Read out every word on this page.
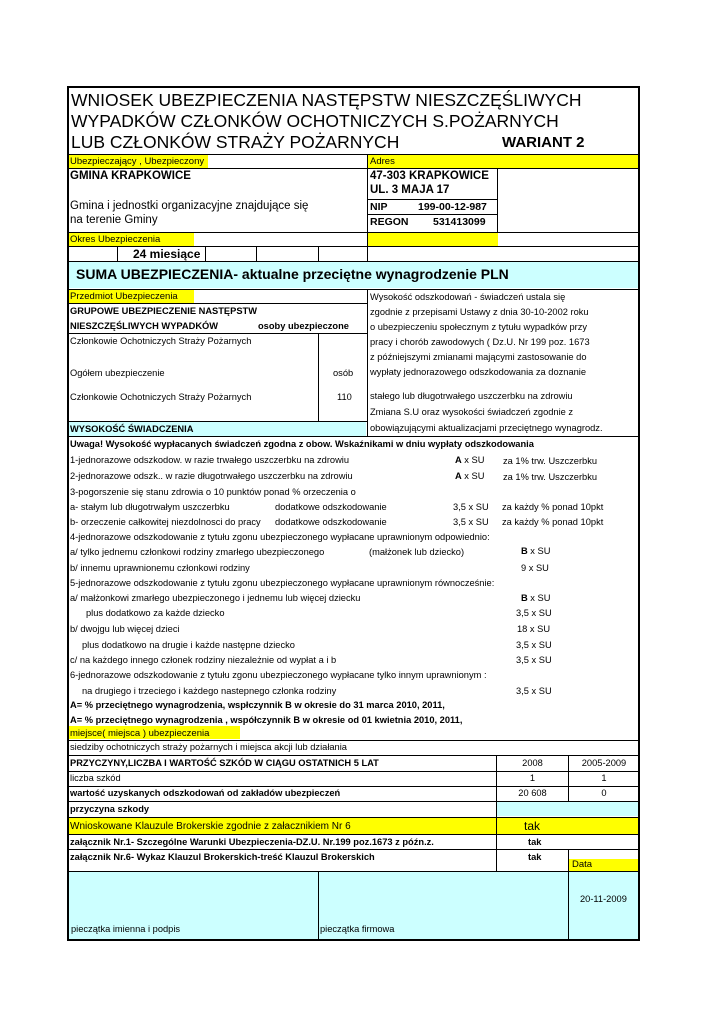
WNIOSEK UBEZPIECZENIA NASTĘPSTW NIESZCZĘŚLIWYCH
WYPADKÓW CZŁONKÓW OCHOTNICZYCH S.POŻARNYCH
LUB CZŁONKÓW STRAŻY POŻARNYCH	WARIANT 2
Ubezpieczający , Ubezpieczony	Adres
GMINA KRAPKOWICE
Gmina i jednostki organizacyjne znajdujące się
na terenie Gminy
47-303 KRAPKOWICE
UL. 3 MAJA 17
NIP	199-00-12-987
REGON 531413099
Okres Ubezpieczenia
24 miesiące
SUMA UBEZPIECZENIA- aktualne przeciętne wynagrodzenie PLN
Przedmiot Ubezpieczenia
GRUPOWE UBEZPIECZENIE NASTĘPSTW
NIESZCZĘŚLIWYCH WYPADKÓW	osoby ubezpieczone
Członkowie Ochotniczych Straży Pożarnych
Ogółem ubezpieczenie	osób
Członkowie Ochotniczych Straży Pożarnych	110
WYSOKOŚĆ ŚWIADCZENIA
Wysokość odszkodowań - świadczeń ustala się
zgodnie z przepisami Ustawy z dnia 30-10-2002 roku
o ubezpieczeniu społecznym z tytułu wypadków przy
pracy i chorób zawodowych ( Dz.U. Nr 199 poz. 1673
z późniejszymi zmianami mającymi zastosowanie do
wypłaty jednorazowego odszkodowania za doznanie
stałego lub długotrwałego uszczerbku na zdrowiu
Zmiana S.U oraz wysokości świadczeń zgodnie z
obowiązującymi aktualizacjami przeciętnego wynagrodz.
Uwaga! Wysokość wypłacanych świadczeń zgodna z obow. Wskaźnikami w dniu wypłaty odszkodowania
1-jednorazowe odszkodow. w razie trwałego uszczerbku na zdrowiu	A x SU za 1% trw. Uszczerbku
2-jednorazowe odszk.. w razie długotrwałego uszczerbku na zdrowiu	A x SU za 1% trw. Uszczerbku
3-pogorszenie się stanu zdrowia o 10 punktów ponad % orzeczenia o
a- stałym lub długotrwałym uszczerbku	dodatkowe odszkodowanie	3,5 x SU za każdy % ponad 10pkt
b- orzeczenie całkowitej niezdolnosci do pracy dodatkowe odszkodowanie	3,5 x SU za każdy % ponad 10pkt
4-jednorazowe odszkodowanie z tytułu zgonu ubezpieczonego wypłacane uprawnionym odpowiednio:
a/ tylko jednemu członkowi rodziny zmarłego ubezpieczonego	(małżonek lub dziecko)	B x SU
b/ innemu uprawnionemu członkowi rodziny	9 x SU
5-jednorazowe odszkodowanie z tytułu zgonu ubezpieczonego wypłacane uprawnionym równocześnie:
a/ małżonkowi zmarłego ubezpieczonego i jednemu lub więcej dziecku	B x SU
plus dodatkowo za każde dziecko	3,5 x SU
b/ dwojgu lub więcej dzieci	18 x SU
plus dodatkowo na drugie i każde następne dziecko	3,5 x SU
c/ na każdego innego członek rodziny niezależnie od wypłat a i b	3,5 x SU
6-jednorazowe odszkodowanie z tytułu zgonu ubezpieczonego wypłacane tylko innym uprawnionym :
na drugiego i trzeciego i każdego nastepnego członka rodziny	3,5 x SU
A= % przeciętnego wynagrodzenia, wspłczynnik B w okresie do 31 marca 2010, 2011,
A= % przeciętnego wynagrodzenia , współczynnik B w okresie od 01 kwietnia 2010, 2011,
miejsce( miejsca ) ubezpieczenia
siedziby ochotniczych straży pożarnych i miejsca akcji lub działania
PRZYCZYNY,LICZBA I WARTOŚĆ SZKÓD W CIĄGU OSTATNICH 5 LAT	2008	2005-2009
liczba szkód	1	1
wartość uzyskanych odszkodowań od zakładów ubezpieczeń	20 608	0
przyczyna szkody
Wnioskowane Klauzule Brokerskie zgodnie z załacznikiem Nr 6	tak
załącznik Nr.1- Szczególne Warunki Ubezpieczenia-DZ.U. Nr.199 poz.1673 z późn.z.	tak
załącznik Nr.6- Wykaz Klauzul Brokerskich-treść Klauzul Brokerskich	tak
Data
20-11-2009
pieczątka imienna i podpis	pieczątka firmowa
